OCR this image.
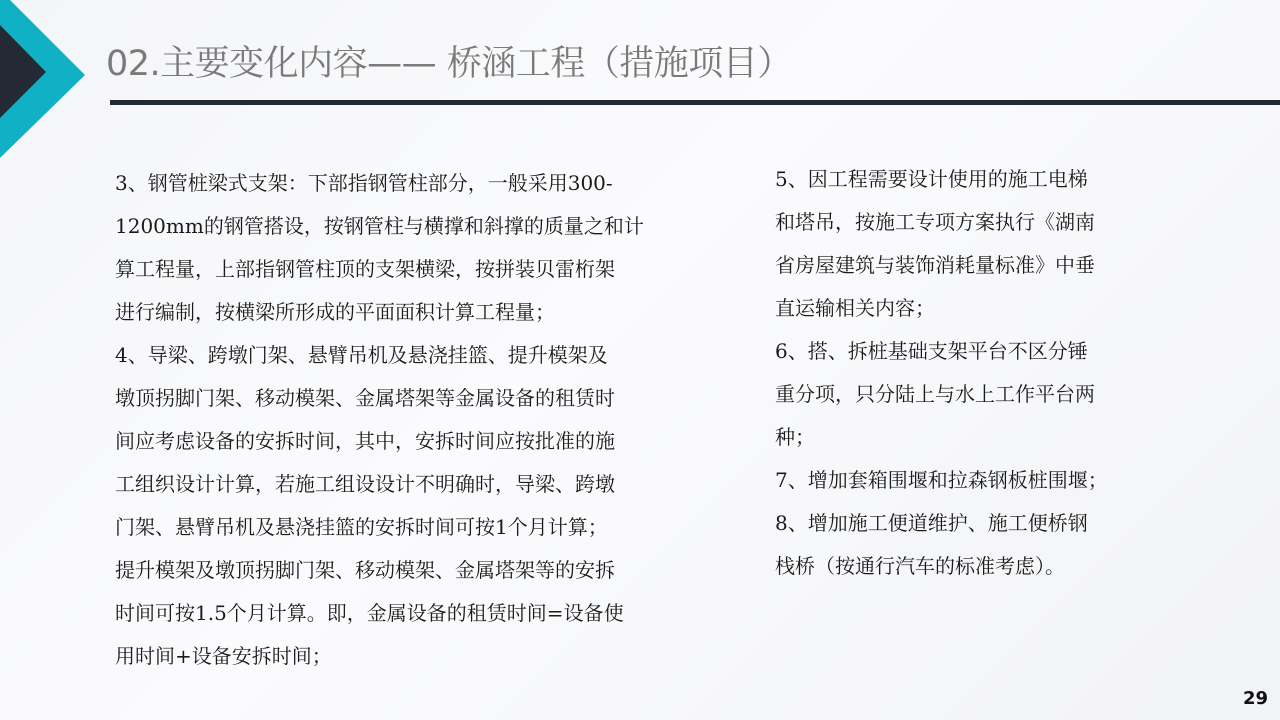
02.主要变化内容—— 桥涵工程（措施项目）
3、钢管桩梁式支架：下部指钢管柱部分，一般采用300-
1200mm的钢管搭设，按钢管柱与横撑和斜撑的质量之和计
算工程量，上部指钢管柱顶的支架横梁，按拼装贝雷桁架
进行编制，按横梁所形成的平面面积计算工程量；
4、导梁、跨墩门架、悬臂吊机及悬浇挂篮、提升模架及
墩顶拐脚门架、移动模架、金属塔架等金属设备的租赁时
间应考虑设备的安拆时间，其中，安拆时间应按批准的施
工组织设计计算，若施工组设设计不明确时，导梁、跨墩
门架、悬臂吊机及悬浇挂篮的安拆时间可按1个月计算；
提升模架及墩顶拐脚门架、移动模架、金属塔架等的安拆
时间可按1.5个月计算。即，金属设备的租赁时间=设备使
用时间+设备安拆时间；
5、因工程需要设计使用的施工电梯
和塔吊，按施工专项方案执行《湖南
省房屋建筑与装饰消耗量标准》中垂
直运输相关内容；
6、搭、拆桩基础支架平台不区分锤
重分项，只分陆上与水上工作平台两
种；
7、增加套箱围堰和拉森钢板桩围堰；
8、增加施工便道维护、施工便桥钢
栈桥（按通行汽车的标准考虑）。
29
